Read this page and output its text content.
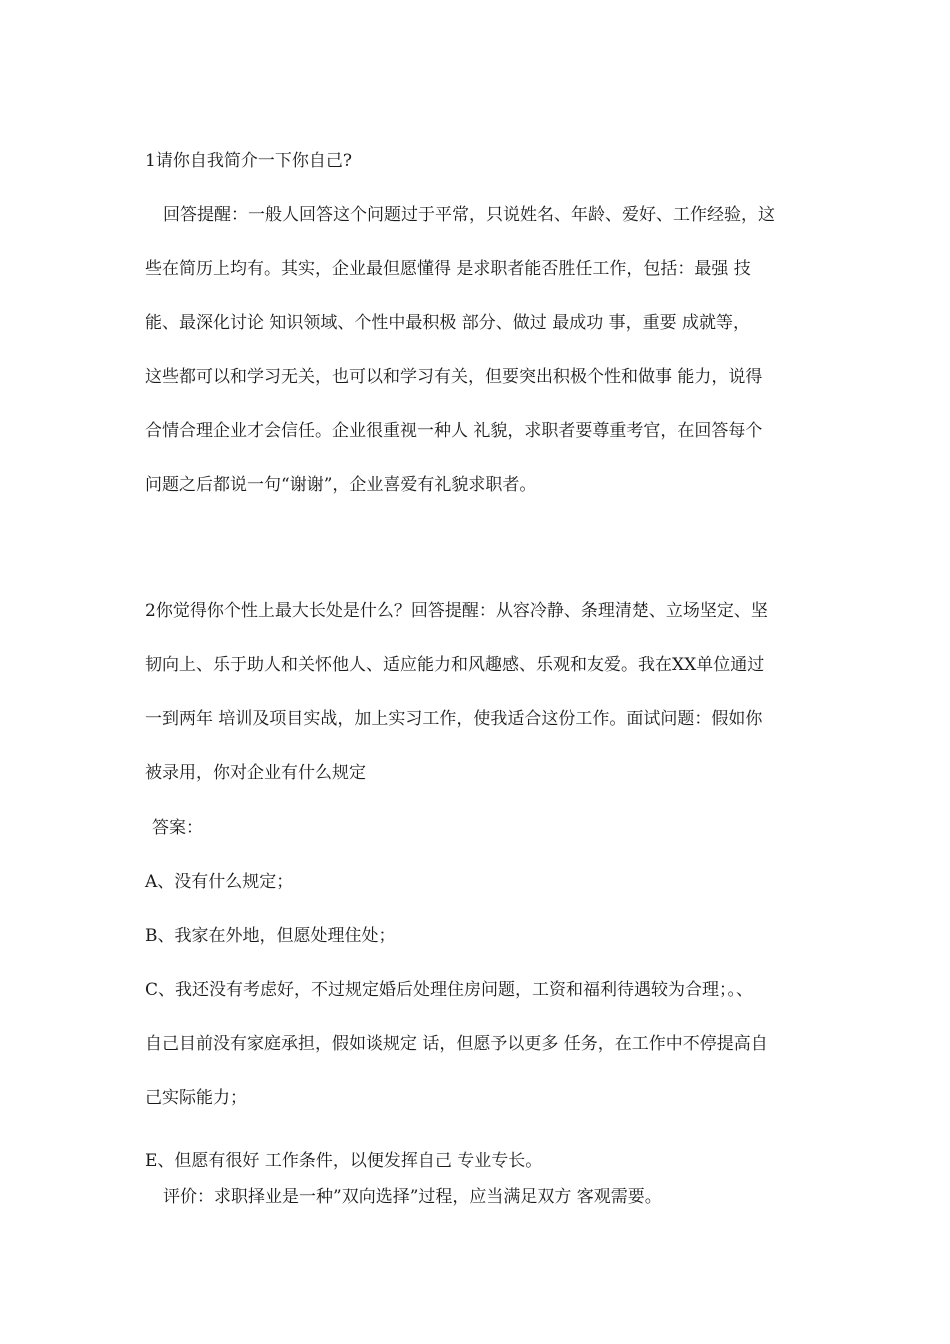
1请你自我简介一下你自己?
回答提醒：一般人回答这个问题过于平常，只说姓名、年龄、爱好、工作经验，这
些在简历上均有。其实，企业最但愿懂得 是求职者能否胜任工作，包括：最强 技
能、最深化讨论 知识领域、个性中最积极 部分、做过 最成功 事，重要 成就等，
这些都可以和学习无关，也可以和学习有关，但要突出积极个性和做事 能力，说得
合情合理企业才会信任。企业很重视一种人 礼貌，求职者要尊重考官，在回答每个
问题之后都说一句“谢谢”，企业喜爱有礼貌求职者。
2你觉得你个性上最大长处是什么？回答提醒：从容冷静、条理清楚、立场坚定、坚
韧向上、乐于助人和关怀他人、适应能力和风趣感、乐观和友爱。我在XX单位通过
一到两年 培训及项目实战，加上实习工作，使我适合这份工作。面试问题：假如你
被录用，你对企业有什么规定
答案：
A、没有什么规定；
B、我家在外地，但愿处理住处；
C、我还没有考虑好，不过规定婚后处理住房问题，工资和福利待遇较为合理；。、
自己目前没有家庭承担，假如谈规定 话，但愿予以更多 任务，在工作中不停提高自
己实际能力；
E、但愿有很好 工作条件，以便发挥自己 专业专长。
评价：求职择业是一种”双向选择”过程，应当满足双方 客观需要。
